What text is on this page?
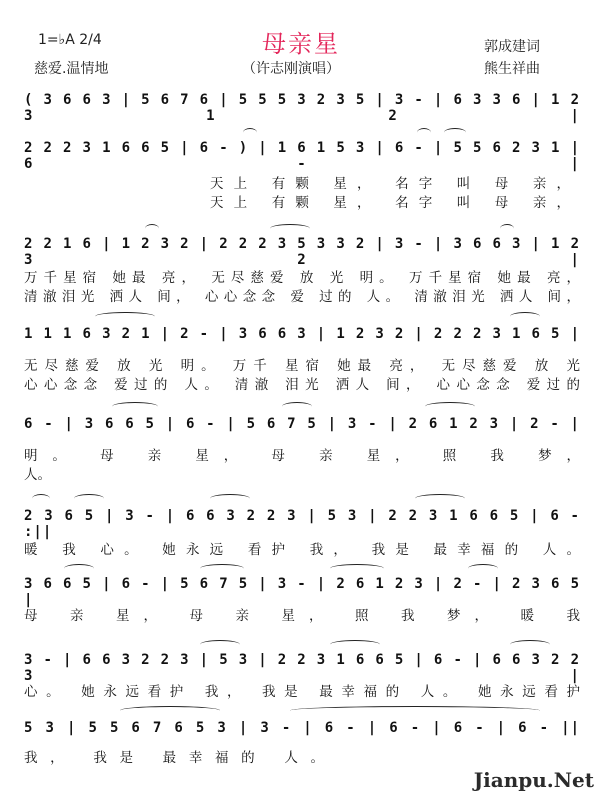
母亲星
1=♭A 2/4
慈爱.温情地	（许志刚演唱）
郭成建词
熊生祥曲
( 3 6 6 3 | 5 6 7 6 | 5 5 5 3 2 3 5 | 3 - | 6 3 3 6 | 1 2 3 1 2 |
2 2 2 3 1 6 6 5 | 6 - ) | 1 6 1 5 3 | 6 - | 5 5 6 2 3 1 | 6 - |
天上 有颗 星， 名字 叫 母 亲，
天上 有颗 星， 名字 叫 母 亲，
2 2 1 6 | 1 2 3 2 | 2 2 2 3 5 3 3 2 | 3 - | 3 6 6 3 | 1 2 3 2 |
万千星宿 她最 亮， 无尽慈爱 放 光 明。 万千星宿 她最 亮，
清澈泪光 洒人 间， 心心念念 爱 过的 人。 清澈泪光 洒人 间，
1 1 1 6 3 2 1 | 2 - | 3 6 6 3 | 1 2 3 2 | 2 2 2 3 1 6 5 |
无尽慈爱 放 光 明。 万千 星宿 她最 亮， 无尽慈爱 放 光
心心念念 爱过的 人。 清澈 泪光 洒人 间， 心心念念 爱过的
6 - | 3 6 6 5 | 6 - | 5 6 7 5 | 3 - | 2 6 1 2 3 | 2 - |
明。 母 亲 星， 母 亲 星， 照 我 梦，
人。
2 3 6 5 | 3 - | 6 6 3 2 2 3 | 5 3 | 2 2 3 1 6 6 5 | 6 - :||
暖 我 心。 她永远 看护 我， 我是 最幸福的 人。
3 6 6 5 | 6 - | 5 6 7 5 | 3 - | 2 6 1 2 3 | 2 - | 2 3 6 5 |
母 亲 星， 母 亲 星， 照 我 梦， 暖 我
3 - | 6 6 3 2 2 3 | 5 3 | 2 2 3 1 6 6 5 | 6 - | 6 6 3 2 2 3 |
心。 她永远看护 我， 我是 最幸福的 人。 她永远看护
5 3 | 5 5 6 7 6 5 3 | 3 - | 6 - | 6 - | 6 - | 6 - ||
我， 我是 最幸福的 人。
Jianpu.Net
